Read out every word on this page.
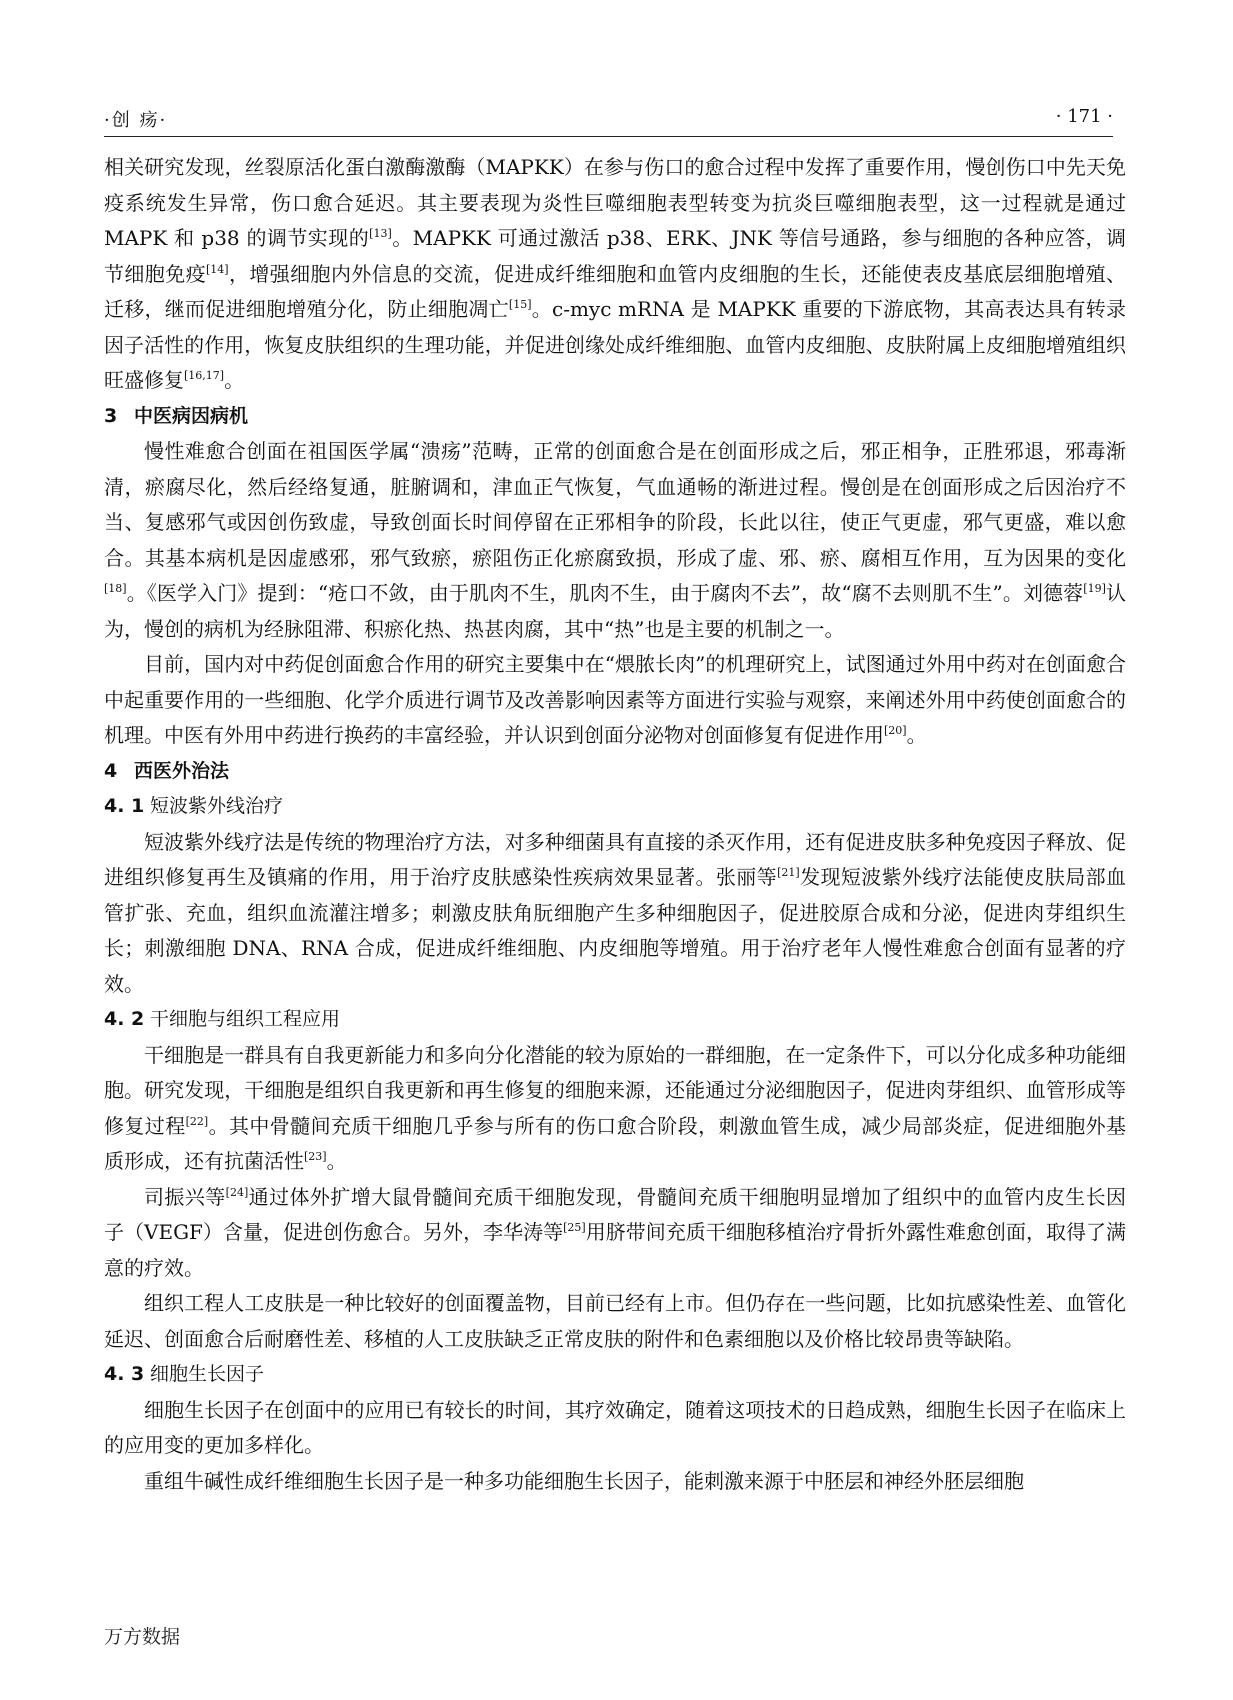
·创 疡·	· 171 ·

相关研究发现，丝裂原活化蛋白激酶激酶（MAPKK）在参与伤口的愈合过程中发挥了重要作用，慢创伤口中先天免疫系统发生异常，伤口愈合延迟。其主要表现为炎性巨噬细胞表型转变为抗炎巨噬细胞表型，这一过程就是通过 MAPK 和 p38 的调节实现的[13]。MAPKK 可通过激活 p38、ERK、JNK 等信号通路，参与细胞的各种应答，调节细胞免疫[14]，增强细胞内外信息的交流，促进成纤维细胞和血管内皮细胞的生长，还能使表皮基底层细胞增殖、迁移，继而促进细胞增殖分化，防止细胞凋亡[15]。c-myc mRNA 是 MAPKK 重要的下游底物，其高表达具有转录因子活性的作用，恢复皮肤组织的生理功能，并促进创缘处成纤维细胞、血管内皮细胞、皮肤附属上皮细胞增殖组织旺盛修复[16,17]。

3 中医病因病机

慢性难愈合创面在祖国医学属“溃疡”范畴，正常的创面愈合是在创面形成之后，邪正相争，正胜邪退，邪毒渐清，瘀腐尽化，然后经络复通，脏腑调和，津血正气恢复，气血通畅的渐进过程。慢创是在创面形成之后因治疗不当、复感邪气或因创伤致虚，导致创面长时间停留在正邪相争的阶段，长此以往，使正气更虚，邪气更盛，难以愈合。其基本病机是因虚感邪，邪气致瘀，瘀阻伤正化瘀腐致损，形成了虚、邪、瘀、腐相互作用，互为因果的变化[18]。《医学入门》提到：“疮口不敛，由于肌肉不生，肌肉不生，由于腐肉不去”，故“腐不去则肌不生”。刘德蓉[19]认为，慢创的病机为经脉阻滞、积瘀化热、热甚肉腐，其中“热”也是主要的机制之一。

目前，国内对中药促创面愈合作用的研究主要集中在“煨脓长肉”的机理研究上，试图通过外用中药对在创面愈合中起重要作用的一些细胞、化学介质进行调节及改善影响因素等方面进行实验与观察，来阐述外用中药使创面愈合的机理。中医有外用中药进行换药的丰富经验，并认识到创面分泌物对创面修复有促进作用[20]。

4 西医外治法
4. 1 短波紫外线治疗

短波紫外线疗法是传统的物理治疗方法，对多种细菌具有直接的杀灭作用，还有促进皮肤多种免疫因子释放、促进组织修复再生及镇痛的作用，用于治疗皮肤感染性疾病效果显著。张丽等[21]发现短波紫外线疗法能使皮肤局部血管扩张、充血，组织血流灌注增多；刺激皮肤角朊细胞产生多种细胞因子，促进胶原合成和分泌，促进肉芽组织生长；刺激细胞 DNA、RNA 合成，促进成纤维细胞、内皮细胞等增殖。用于治疗老年人慢性难愈合创面有显著的疗效。

4. 2 干细胞与组织工程应用

干细胞是一群具有自我更新能力和多向分化潜能的较为原始的一群细胞，在一定条件下，可以分化成多种功能细胞。研究发现，干细胞是组织自我更新和再生修复的细胞来源，还能通过分泌细胞因子，促进肉芽组织、血管形成等修复过程[22]。其中骨髓间充质干细胞几乎参与所有的伤口愈合阶段，刺激血管生成，减少局部炎症，促进细胞外基质形成，还有抗菌活性[23]。

司振兴等[24]通过体外扩增大鼠骨髓间充质干细胞发现，骨髓间充质干细胞明显增加了组织中的血管内皮生长因子（VEGF）含量，促进创伤愈合。另外，李华涛等[25]用脐带间充质干细胞移植治疗骨折外露性难愈创面，取得了满意的疗效。

组织工程人工皮肤是一种比较好的创面覆盖物，目前已经有上市。但仍存在一些问题，比如抗感染性差、血管化延迟、创面愈合后耐磨性差、移植的人工皮肤缺乏正常皮肤的附件和色素细胞以及价格比较昂贵等缺陷。

4. 3 细胞生长因子

细胞生长因子在创面中的应用已有较长的时间，其疗效确定，随着这项技术的日趋成熟，细胞生长因子在临床上的应用变的更加多样化。

重组牛碱性成纤维细胞生长因子是一种多功能细胞生长因子，能刺激来源于中胚层和神经外胚层细胞

万方数据
